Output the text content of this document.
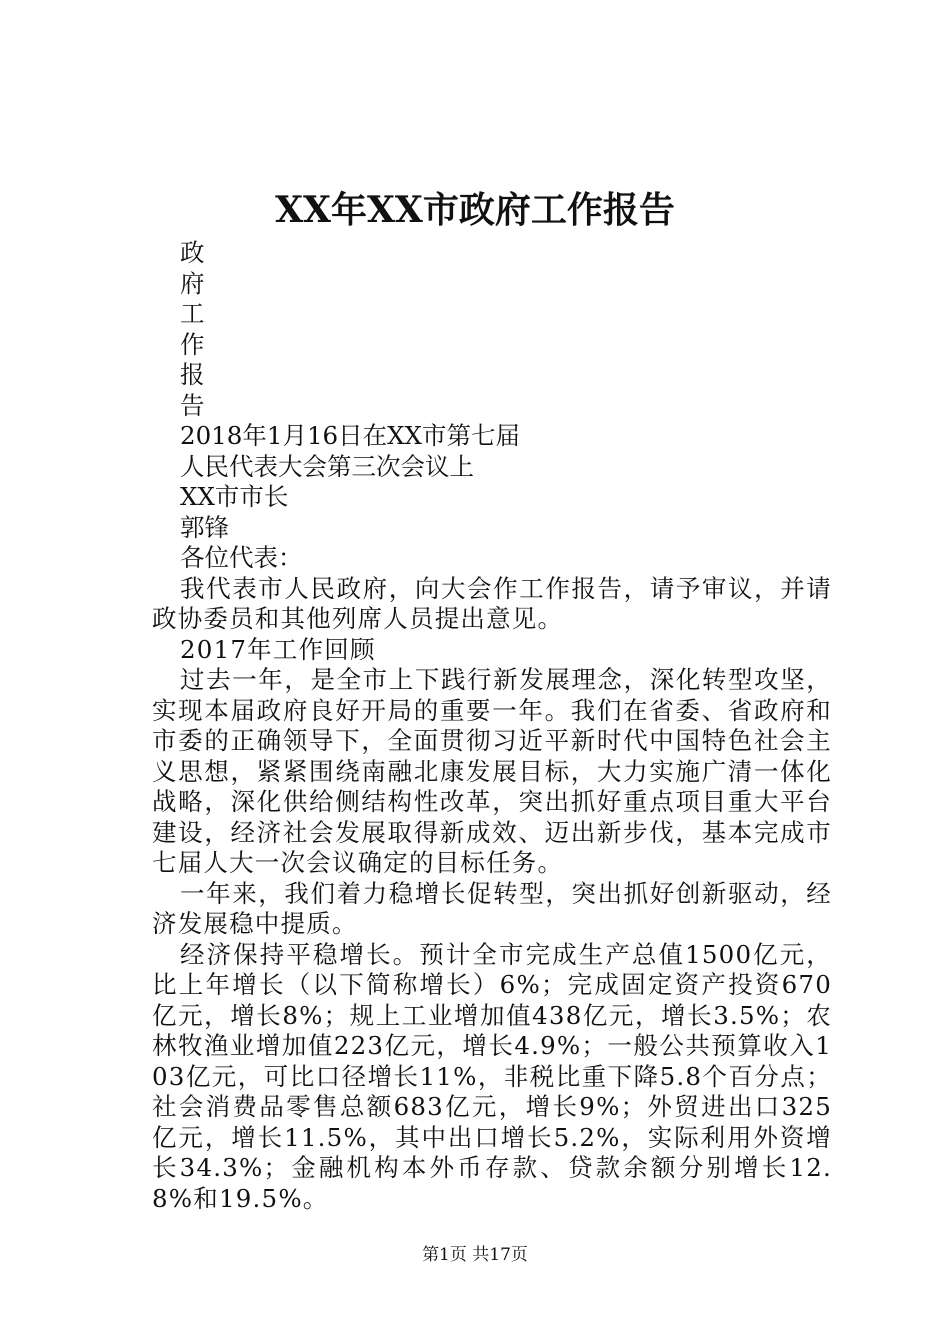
XX年XX市政府工作报告
政
府
工
作
报
告
2018年1月16日在XX市第七届
人民代表大会第三次会议上
XX市市长
郭锋
各位代表：
我代表市人民政府，向大会作工作报告，请予审议，并请政协委员和其他列席人员提出意见。
2017年工作回顾
过去一年，是全市上下践行新发展理念，深化转型攻坚，实现本届政府良好开局的重要一年。我们在省委、省政府和市委的正确领导下，全面贯彻习近平新时代中国特色社会主义思想，紧紧围绕南融北康发展目标，大力实施广清一体化战略，深化供给侧结构性改革，突出抓好重点项目重大平台建设，经济社会发展取得新成效、迈出新步伐，基本完成市七届人大一次会议确定的目标任务。
一年来，我们着力稳增长促转型，突出抓好创新驱动，经济发展稳中提质。
经济保持平稳增长。预计全市完成生产总值1500亿元，比上年增长（以下简称增长）6%；完成固定资产投资670亿元，增长8%；规上工业增加值438亿元，增长3.5%；农林牧渔业增加值223亿元，增长4.9%；一般公共预算收入103亿元，可比口径增长11%，非税比重下降5.8个百分点；社会消费品零售总额683亿元，增长9%；外贸进出口325亿元，增长11.5%，其中出口增长5.2%，实际利用外资增长34.3%；金融机构本外币存款、贷款余额分别增长12.8%和19.5%。
第1页 共17页
